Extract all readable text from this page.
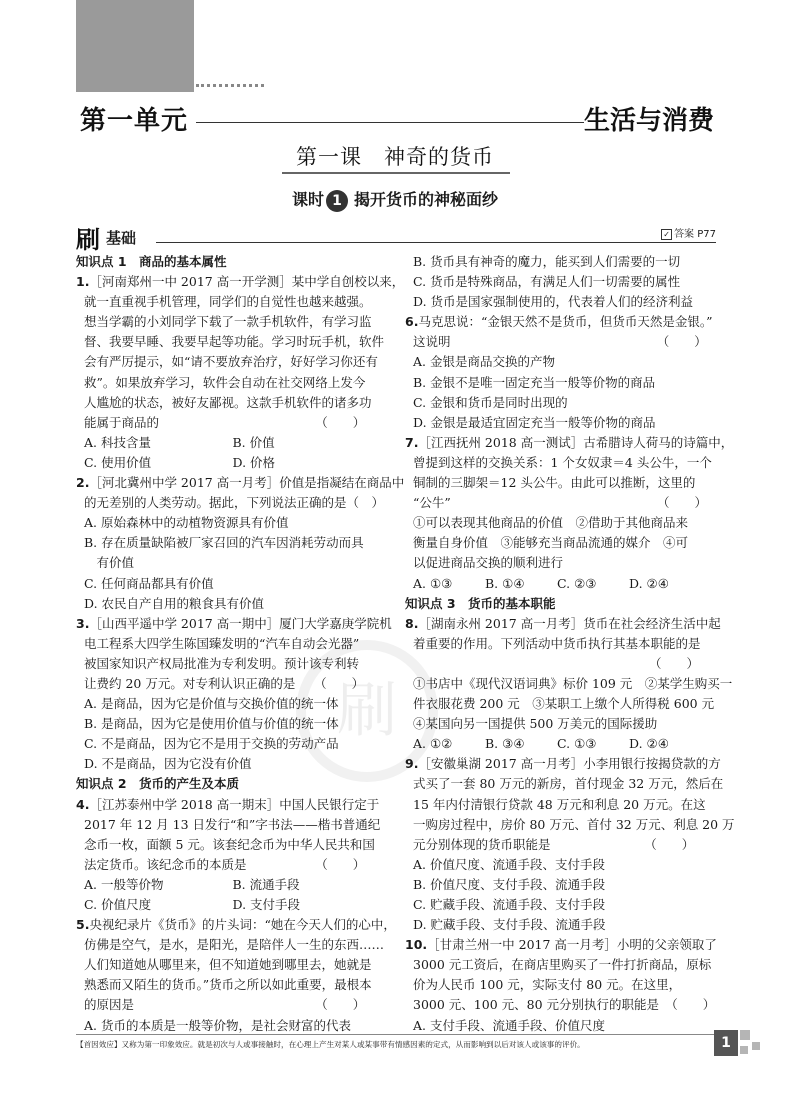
第一单元	生活与消费
第一课　神奇的货币
课时 1 揭开货币的神秘面纱
刷 基础	✓ 答案 P77
刷
知识点 1　商品的基本属性
1.［河南郑州一中 2017 高一开学测］某中学自创校以来，
就一直重视手机管理，同学们的自觉性也越来越强。
想当学霸的小刘同学下载了一款手机软件，有学习监
督、我要早睡、我要早起等功能。学习时玩手机，软件
会有严厉提示，如“请不要放弃治疗，好好学习你还有
救”。如果放弃学习，软件会自动在社交网络上发今
人尴尬的状态，被好友鄙视。这款手机软件的诸多功
能属于商品的　　　　　　　　　　　　　（　　）
A. 科技含量	B. 价值
C. 使用价值	D. 价格
2.［河北冀州中学 2017 高一月考］价值是指凝结在商品中
的无差别的人类劳动。据此，下列说法正确的是（　）
A. 原始森林中的动植物资源具有价值
B. 存在质量缺陷被厂家召回的汽车因消耗劳动而具
　有价值
C. 任何商品都具有价值
D. 农民自产自用的粮食具有价值
3.［山西平遥中学 2017 高一期中］厦门大学嘉庚学院机
电工程系大四学生陈国臻发明的“汽车自动会光器”
被国家知识产权局批准为专利发明。预计该专利转
让费约 20 万元。对专利认识正确的是　　（　　）
A. 是商品，因为它是价值与交换价值的统一体
B. 是商品，因为它是使用价值与价值的统一体
C. 不是商品，因为它不是用于交换的劳动产品
D. 不是商品，因为它没有价值
知识点 2　货币的产生及本质
4.［江苏泰州中学 2018 高一期末］中国人民银行定于
2017 年 12 月 13 日发行“和”字书法——楷书普通纪
念币一枚，面额 5 元。该套纪念币为中华人民共和国
法定货币。该纪念币的本质是　　　　　　（　　）
A. 一般等价物	B. 流通手段
C. 价值尺度	D. 支付手段
5.央视纪录片《货币》的片头词：“她在今天人们的心中，
仿佛是空气，是水，是阳光，是陪伴人一生的东西……
人们知道她从哪里来，但不知道她到哪里去，她就是
熟悉而又陌生的货币。”货币之所以如此重要，最根本
的原因是　　　　　　　　　　　　　　　（　　）
A. 货币的本质是一般等价物，是社会财富的代表
B. 货币具有神奇的魔力，能买到人们需要的一切
C. 货币是特殊商品，有满足人们一切需要的属性
D. 货币是国家强制使用的，代表着人们的经济利益
6.马克思说：“金银天然不是货币，但货币天然是金银。”
这说明　　　　　　　　　　　　　　　　　（　　）
A. 金银是商品交换的产物
B. 金银不是唯一固定充当一般等价物的商品
C. 金银和货币是同时出现的
D. 金银是最适宜固定充当一般等价物的商品
7.［江西抚州 2018 高一测试］古希腊诗人荷马的诗篇中，
曾提到这样的交换关系：1 个女奴隶＝4 头公牛，一个
铜制的三脚架＝12 头公牛。由此可以推断，这里的
“公牛”　　　　　　　　　　　　　　　　　（　　）
①可以表现其他商品的价值　②借助于其他商品来
衡量自身价值　③能够充当商品流通的媒介　④可
以促进商品交换的顺利进行
A. ①③	B. ①④	C. ②③	D. ②④
知识点 3　货币的基本职能
8.［湖南永州 2017 高一月考］货币在社会经济生活中起
着重要的作用。下列活动中货币执行其基本职能的是
（　　）
①书店中《现代汉语词典》标价 109 元　②某学生购买一
件衣服花费 200 元　③某职工上缴个人所得税 600 元
④某国向另一国提供 500 万美元的国际援助
A. ①②	B. ③④	C. ①③	D. ②④
9.［安徽巢湖 2017 高一月考］小李用银行按揭贷款的方
式买了一套 80 万元的新房，首付现金 32 万元，然后在
15 年内付清银行贷款 48 万元和利息 20 万元。在这
一购房过程中，房价 80 万元、首付 32 万元、利息 20 万
元分别体现的货币职能是　　　　　　　　（　　）
A. 价值尺度、流通手段、支付手段
B. 价值尺度、支付手段、流通手段
C. 贮藏手段、流通手段、支付手段
D. 贮藏手段、支付手段、流通手段
10.［甘肃兰州一中 2017 高一月考］小明的父亲领取了
3000 元工资后，在商店里购买了一件打折商品，原标
价为人民币 100 元，实际支付 80 元。在这里，
3000 元、100 元、80 元分别执行的职能是　（　　）
A. 支付手段、流通手段、价值尺度
【首因效应】又称为第一印象效应。就是初次与人或事接触时，在心理上产生对某人或某事带有情感因素的定式，从而影响到以后对该人或该事的评价。	1
